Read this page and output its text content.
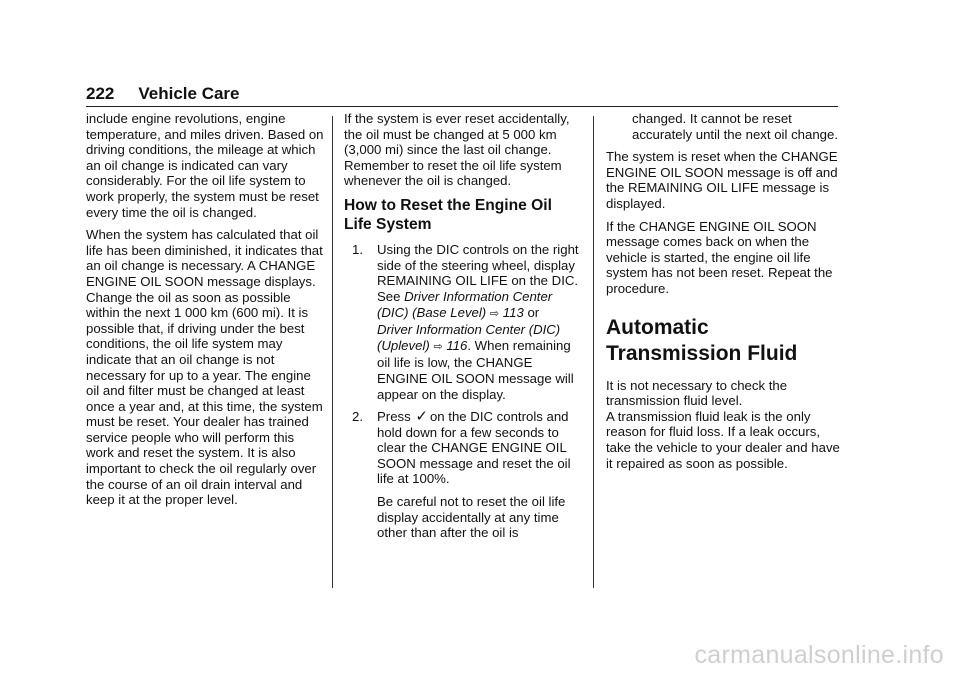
222 Vehicle Care

include engine revolutions, engine temperature, and miles driven. Based on driving conditions, the mileage at which an oil change is indicated can vary considerably. For the oil life system to work properly, the system must be reset every time the oil is changed.

When the system has calculated that oil life has been diminished, it indicates that an oil change is necessary. A CHANGE ENGINE OIL SOON message displays. Change the oil as soon as possible within the next 1 000 km (600 mi). It is possible that, if driving under the best conditions, the oil life system may indicate that an oil change is not necessary for up to a year. The engine oil and filter must be changed at least once a year and, at this time, the system must be reset. Your dealer has trained service people who will perform this work and reset the system. It is also important to check the oil regularly over the course of an oil drain interval and keep it at the proper level.

If the system is ever reset accidentally, the oil must be changed at 5 000 km (3,000 mi) since the last oil change. Remember to reset the oil life system whenever the oil is changed.

How to Reset the Engine Oil Life System
1. Using the DIC controls on the right side of the steering wheel, display REMAINING OIL LIFE on the DIC. See Driver Information Center (DIC) (Base Level) ⇨ 113 or
Driver Information Center (DIC) (Uplevel) ⇨ 116. When remaining oil life is low, the CHANGE ENGINE OIL SOON message will appear on the display.

2. Press ✓ on the DIC controls and hold down for a few seconds to clear the CHANGE ENGINE OIL SOON message and reset the oil life at 100%.

Be careful not to reset the oil life display accidentally at any time other than after the oil is

changed. It cannot be reset accurately until the next oil change.

The system is reset when the CHANGE ENGINE OIL SOON message is off and the REMAINING OIL LIFE message is displayed.

If the CHANGE ENGINE OIL SOON message comes back on when the vehicle is started, the engine oil life system has not been reset. Repeat the procedure.

Automatic Transmission Fluid

It is not necessary to check the transmission fluid level.

A transmission fluid leak is the only reason for fluid loss. If a leak occurs, take the vehicle to your dealer and have it repaired as soon as possible.

carmanualsonline.info
